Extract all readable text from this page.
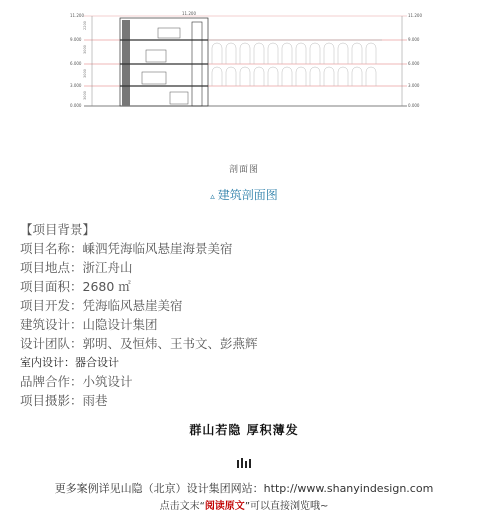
11.200
9.000
6.000
3.000
0.000
11.200
9.000
6.000
3.000
0.000
11.200
2200
3000
3000
3000
剖面图
▵ 建筑剖面图
【项目背景】
项目名称：嵊泗凭海临风悬崖海景美宿
项目地点：浙江舟山
项目面积：2680 ㎡
项目开发：凭海临风悬崖美宿
建筑设计：山隐设计集团
设计团队：郭明、及恒炜、王书文、彭燕辉
室内设计：器合设计
品牌合作：小筑设计
项目摄影：雨巷
群山若隐 厚积薄发
更多案例详见山隐（北京）设计集团网站：http://www.shanyindesign.com
点击文末“阅读原文”可以直接浏览哦~
